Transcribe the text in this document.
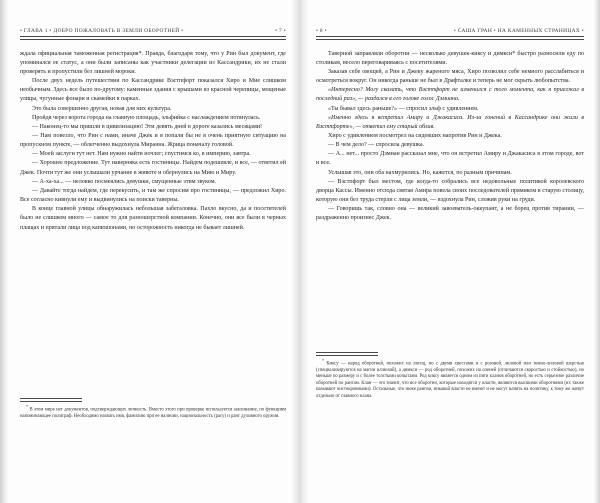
• ГЛАВА 1 • ДОБРО ПОЖАЛОВАТЬ В ЗЕМЛИ ОБОРОТНЕЙ •	• 7 •

ждала официальная таможенная регистрация*. Правда, благодаря тому, что у Рин был документ, где упоминался ее статус, а они были записаны как участники делегации из Кассандрики, их не стали проверять и пропустили без лишней мороки.

После двух недель путешествия по Кассандрике Вэстпфорт показался Хиро и Мие слишком необычным. Здесь все было по-другому: каменные здания с крышами из красной черепицы, мощеные улицы, чугунные фонари и скамейки в парках.

Это была совершенно другая, новая для них культура.

Пройдя через ворота города на главную площадь, эльфийка с наслаждением потянулась.

— Наконец-то мы пришли в цивилизацию! Эти девять дней в дороге казались месяцами!

— Нам повезло, что Рин с нами, иначе Джек и я попали бы не в очень приятную ситуацию на пропускном пункте, — облегченно выдохнула Миранна. Жрица поначалу головой.

— Моей заслуги тут нет. Нам нужно найти ночлег; спустимся ко, в империю, завтра.

— Хорошее предложение. Тут наверняка есть гостиницы. Найдем подешевле, и все, — ответил ей Джек. Почти тут же они услышали урчание в животе и обернулись на Мию и Миру.

— А-ха-ха... — неловко посмеялись девушки, смущенные этим звуком.

— Давайте тогда найдем, где перекусить, и там же спросим про гостиницы, — предложил Хиро. Все согласно кивнули ему и выдвинулись на поиски таверны.

В конце главной улицы обнаружилась небольшая забегаловка. Пахло вкусно, да и посетителей было не слишком много — самое то для разношерстной компании. Конечно, они все были в черных плащах и прятали лица под капюшонами, но осторожность никогда не бывает лишней.

* В этом мире нет документов, подтверждающих личность. Вместо этого при проверке используется заклинание, по функциям напоминающее полиграф. Необходимо назвать имя, фамилию при ее наличии, национальность (расу) и ранг духовного оружия.

• 8 •	• САША ГРАН • НА КАМЕННЫХ СТРАНИЦАХ •

Таверной заправляли оборотни — несколько девушек-киксу и димкси* быстро разносили еду по столикам, весело переговариваясь с посетителями.

Заказав себе овощей, а Рин и Джеку жареного мяса, Хиро позволил себе немного расслабиться и осмотреться вокруг. Он никогда раньше не был в Драфталке и теперь не мог скрыть любопытства.

«Интересно? Могу сказать, что Вэстпфорт не изменился с того момента, как я приезжал в последний раз», — раздался в его голове голос Дэмиана.

«Ты бывал здесь раньше?» — спросил эльф с удивлением.

«Именно здесь я встретил Амиру и Джакасиса. Из-за гонений в Кассандрике они жили в Вэстпфорте», — ответил ему старый облив.

Хиро с удивлением посмотрел на сидевших напротив Рин и Джека.

— В чем дело? — спросила девушка.

— А... нет... просто Дэмиан рассказал мне, что он встретил Амиру и Джакасиса в этом городе, вот и все.

Услышав это, они оба нахмурились. Но, кажется, по разным причинам.

— Вэстпфорт был местом, где когда-то собрались все недовольные политикой королевского дворца Кассы. Именно отсюда святая Амира повела своих последователей прямиком в старую столицу, которую они без труда стерли с лица земли, — вздохнула Рин, сложив руки на груди.

— Говоришь так, словно она — великий завоеватель-оккупант, а не борец против тирании, — раздраженно произнес Джек.

* Киксу — народ оборотней, похожих на лисиц, но с двумя хвостами и с розовой, лиловой или темно-лиловой шерстью (специализируются на магии иллюзий), а димкси — род оборотней, похожих на оленей (отличаются скоростью и стойкостью), но меньше по размеру и с более толстыми копытами. Род киксу является одним из пяти кланов оборотней, но есть серьезное различие оборотней по рангам. Клан — это значит, что все оборотни, которые находятся у власти, являются высшими оборотнями (их также называют чистокровными). Остальные, что ниже рангом, никакой власти не имеют и не могут влиять на политику, к тому же живут отдельно от главного клана.
